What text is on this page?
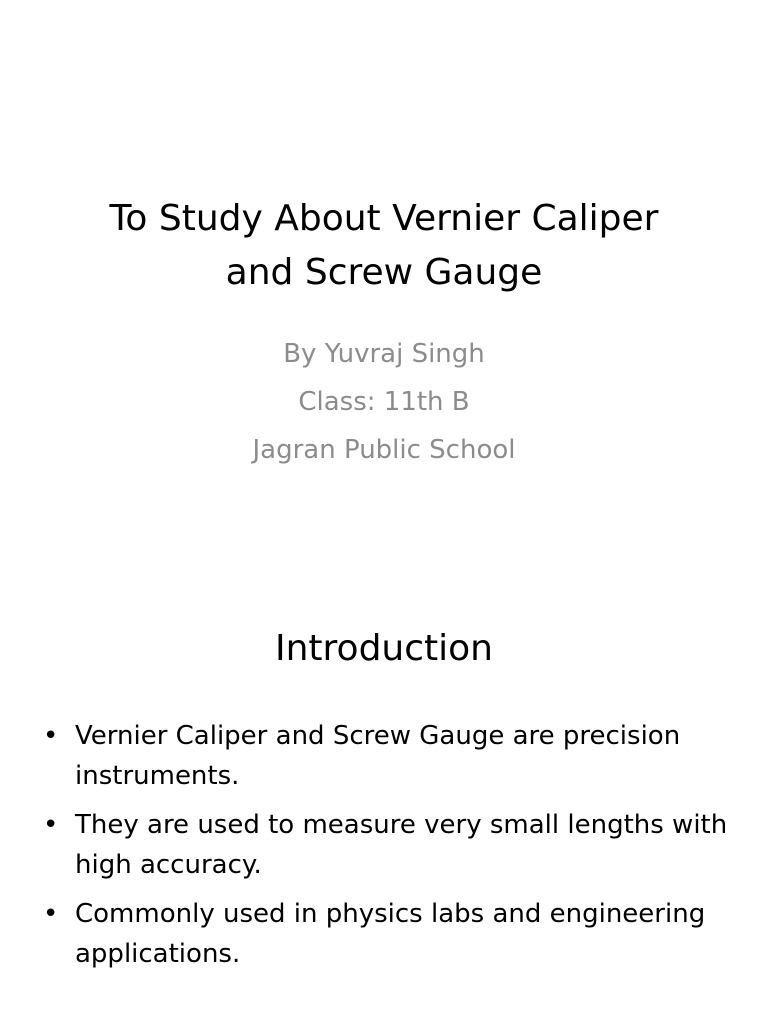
To Study About Vernier Caliper
and Screw Gauge
By Yuvraj Singh
Class: 11th B
Jagran Public School
Introduction
• Vernier Caliper and Screw Gauge are precision instruments.
• They are used to measure very small lengths with high accuracy.
• Commonly used in physics labs and engineering applications.
